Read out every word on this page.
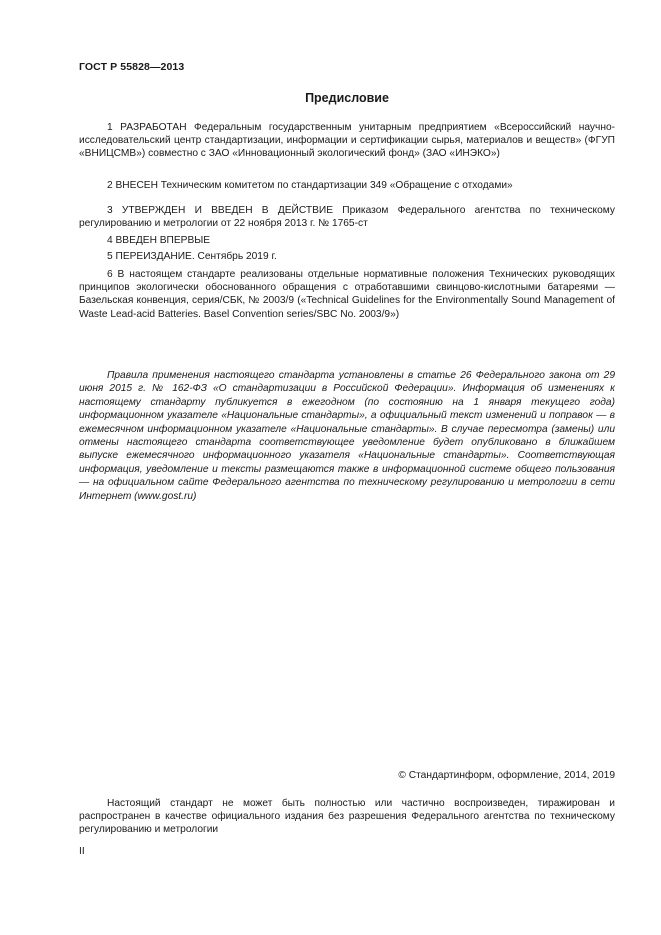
ГОСТ Р 55828—2013
Предисловие
1 РАЗРАБОТАН Федеральным государственным унитарным предприятием «Всероссийский научно-исследовательский центр стандартизации, информации и сертификации сырья, материалов и веществ» (ФГУП «ВНИЦСМВ») совместно с ЗАО «Инновационный экологический фонд» (ЗАО «ИНЭКО»)
2 ВНЕСЕН Техническим комитетом по стандартизации 349 «Обращение с отходами»
3 УТВЕРЖДЕН И ВВЕДЕН В ДЕЙСТВИЕ Приказом Федерального агентства по техническому регулированию и метрологии от 22 ноября 2013 г. № 1765-ст
4 ВВЕДЕН ВПЕРВЫЕ
5 ПЕРЕИЗДАНИЕ. Сентябрь 2019 г.
6 В настоящем стандарте реализованы отдельные нормативные положения Технических руководящих принципов экологически обоснованного обращения с отработавшими свинцово-кислотными батареями — Базельская конвенция, серия/СБК, № 2003/9 («Technical Guidelines for the Environmentally Sound Management of Waste Lead-acid Batteries. Basel Convention series/SBC No. 2003/9»)
Правила применения настоящего стандарта установлены в статье 26 Федерального закона от 29 июня 2015 г. № 162-ФЗ «О стандартизации в Российской Федерации». Информация об изменениях к настоящему стандарту публикуется в ежегодном (по состоянию на 1 января текущего года) информационном указателе «Национальные стандарты», а официальный текст изменений и поправок — в ежемесячном информационном указателе «Национальные стандарты». В случае пересмотра (замены) или отмены настоящего стандарта соответствующее уведомление будет опубликовано в ближайшем выпуске ежемесячного информационного указателя «Национальные стандарты». Соответствующая информация, уведомление и тексты размещаются также в информационной системе общего пользования — на официальном сайте Федерального агентства по техническому регулированию и метрологии в сети Интернет (www.gost.ru)
© Стандартинформ, оформление, 2014, 2019
Настоящий стандарт не может быть полностью или частично воспроизведен, тиражирован и распространен в качестве официального издания без разрешения Федерального агентства по техническому регулированию и метрологии
II
